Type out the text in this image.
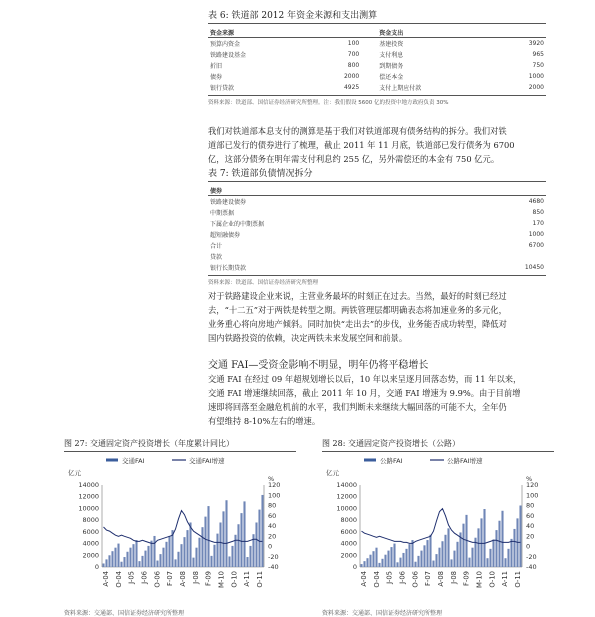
表 6: 铁道部 2012 年资金来源和支出测算
资金来源			资金支出	
预算内资金	100		基建投资	3920
铁路建设基金	700		支付利息	965
折旧	800		到期债务	750
债券	2000		偿还本金	1000
银行贷款	4925		支付上期应付款	2000
资料来源：铁道部、国信证券经济研究所整理。注：我们假设 5600 亿的投资中地方政府负责 30%
我们对铁道部本息支付的测算是基于我们对铁道部现有债务结构的拆分。我们对铁
道部已发行的债券进行了梳理，截止 2011 年 11 月底，铁道部已发行债务为 6700
亿，这部分债务在明年需支付利息约 255 亿，另外需偿还的本金有 750 亿元。
表 7: 铁道部负债情况拆分
债券	
铁路建设债券	4680
中期票据	850
下属企业的中期票据	170
超短融债券	1000
合计	6700
贷款	
银行长期贷款	10450
资料来源：铁道部、国信证券经济研究所整理
对于铁路建设企业来说，主营业务最坏的时刻正在过去。当然，最好的时刻已经过
去，“十二五”对于两铁是转型之期。两铁管理层都明确表态将加速业务的多元化，
业务重心将向房地产倾斜。同时加快“走出去”的步伐，业务能否成功转型，降低对
国内铁路投资的依赖，决定两铁未来发展空间和前景。
交通 FAI—受资金影响不明显，明年仍将平稳增长
交通 FAI 在经过 09 年超规划增长以后，10 年以来呈逐月回落态势，而 11 年以来，
交通 FAI 增速继续回落，截止 2011 年 10 月，交通 FAI 增速为 9.9%。由于目前增
速即将回落至金融危机前的水平，我们判断未来继续大幅回落的可能不大，全年仍
有望维持 8-10%左右的增速。
图 27: 交通固定资产投资增长（年度累计同比）
交通FAI	交通FAI增速
亿元
%
0
2000
4000
6000
8000
10000
12000
14000
-40
-20
0
20
40
60
80
100
120
A-04 O-04 J-05 J-06 O-06 F-07 A-08 J-08 F-09 M-10 O-10 A-11 O-11
资料来源：交通部、国信证券经济研究所整理
图 28: 交通固定资产投资增长（公路）
公路FAI	公路FAI增速
亿元
%
0
2000
4000
6000
8000
10000
12000
14000
-40
-20
0
20
40
60
80
100
120
A-04 O-04 J-05 J-06 O-06 F-07 A-08 J-08 F-09 M-10 O-10 A-11 O-11
资料来源：交通部、国信证券经济研究所整理
